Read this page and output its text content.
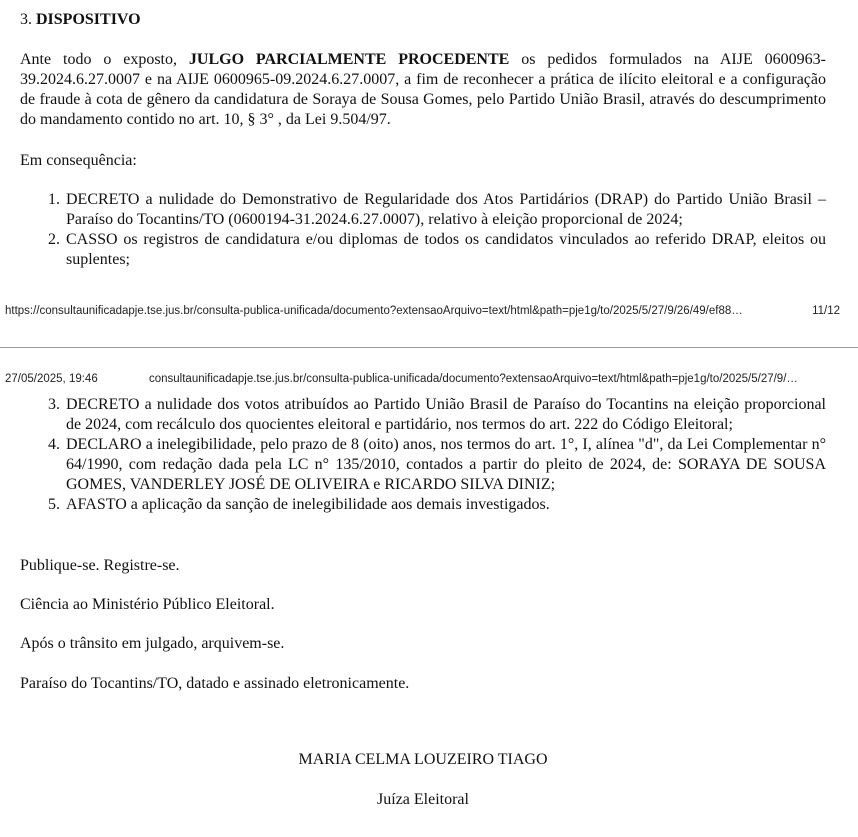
3. DISPOSITIVO
Ante todo o exposto, JULGO PARCIALMENTE PROCEDENTE os pedidos formulados na AIJE 0600963-39.2024.6.27.0007 e na AIJE 0600965-09.2024.6.27.0007, a fim de reconhecer a prática de ilícito eleitoral e a configuração de fraude à cota de gênero da candidatura de Soraya de Sousa Gomes, pelo Partido União Brasil, através do descumprimento do mandamento contido no art. 10, § 3° , da Lei 9.504/97.
Em consequência:
1. DECRETO a nulidade do Demonstrativo de Regularidade dos Atos Partidários (DRAP) do Partido União Brasil – Paraíso do Tocantins/TO (0600194-31.2024.6.27.0007), relativo à eleição proporcional de 2024;
2. CASSO os registros de candidatura e/ou diplomas de todos os candidatos vinculados ao referido DRAP, eleitos ou suplentes;
https://consultaunificadapje.tse.jus.br/consulta-publica-unificada/documento?extensaoArquivo=text/html&path=pje1g/to/2025/5/27/9/26/49/ef88…	11/12
27/05/2025, 19:46	consultaunificadapje.tse.jus.br/consulta-publica-unificada/documento?extensaoArquivo=text/html&path=pje1g/to/2025/5/27/9/…
3. DECRETO a nulidade dos votos atribuídos ao Partido União Brasil de Paraíso do Tocantins na eleição proporcional de 2024, com recálculo dos quocientes eleitoral e partidário, nos termos do art. 222 do Código Eleitoral;
4. DECLARO a inelegibilidade, pelo prazo de 8 (oito) anos, nos termos do art. 1°, I, alínea "d", da Lei Complementar n° 64/1990, com redação dada pela LC n° 135/2010, contados a partir do pleito de 2024, de: SORAYA DE SOUSA GOMES, VANDERLEY JOSÉ DE OLIVEIRA e RICARDO SILVA DINIZ;
5. AFASTO a aplicação da sanção de inelegibilidade aos demais investigados.
Publique-se. Registre-se.
Ciência ao Ministério Público Eleitoral.
Após o trânsito em julgado, arquivem-se.
Paraíso do Tocantins/TO, datado e assinado eletronicamente.
MARIA CELMA LOUZEIRO TIAGO
Juíza Eleitoral
